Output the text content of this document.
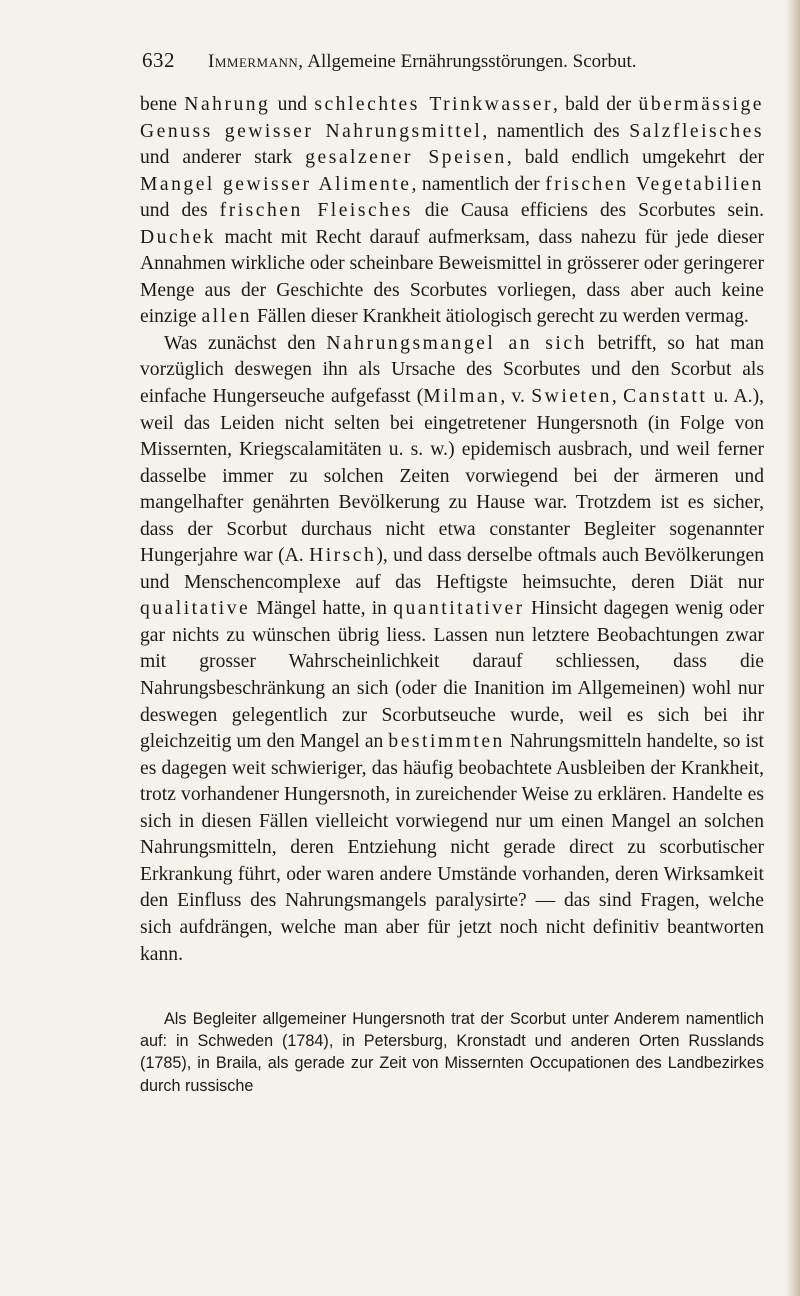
632 Immermann, Allgemeine Ernährungsstörungen. Scorbut.

bene Nahrung und schlechtes Trinkwasser, bald der übermässige Genuss gewisser Nahrungsmittel, namentlich des Salzfleisches und anderer stark gesalzener Speisen, bald endlich umgekehrt der Mangel gewisser Alimente, namentlich der frischen Vegetabilien und des frischen Fleisches die Causa efficiens des Scorbutes sein. Duchek macht mit Recht darauf aufmerksam, dass nahezu für jede dieser Annahmen wirkliche oder scheinbare Beweismittel in grösserer oder geringerer Menge aus der Geschichte des Scorbutes vorliegen, dass aber auch keine einzige allen Fällen dieser Krankheit ätiologisch gerecht zu werden vermag.

Was zunächst den Nahrungsmangel an sich betrifft, so hat man vorzüglich deswegen ihn als Ursache des Scorbutes und den Scorbut als einfache Hungerseuche aufgefasst (Milman, v. Swieten, Canstatt u. A.), weil das Leiden nicht selten bei eingetretener Hungersnoth (in Folge von Missernten, Kriegscalamitäten u. s. w.) epidemisch ausbrach, und weil ferner dasselbe immer zu solchen Zeiten vorwiegend bei der ärmeren und mangelhafter genährten Bevölkerung zu Hause war. Trotzdem ist es sicher, dass der Scorbut durchaus nicht etwa constanter Begleiter sogenannter Hungerjahre war (A. Hirsch), und dass derselbe oftmals auch Bevölkerungen und Menschencomplexe auf das Heftigste heimsuchte, deren Diät nur qualitative Mängel hatte, in quantitativer Hinsicht dagegen wenig oder gar nichts zu wünschen übrig liess. Lassen nun letztere Beobachtungen zwar mit grosser Wahrscheinlichkeit darauf schliessen, dass die Nahrungsbeschränkung an sich (oder die Inanition im Allgemeinen) wohl nur deswegen gelegentlich zur Scorbutseuche wurde, weil es sich bei ihr gleichzeitig um den Mangel an bestimmten Nahrungsmitteln handelte, so ist es dagegen weit schwieriger, das häufig beobachtete Ausbleiben der Krankheit, trotz vorhandener Hungersnoth, in zureichender Weise zu erklären. Handelte es sich in diesen Fällen vielleicht vorwiegend nur um einen Mangel an solchen Nahrungsmitteln, deren Entziehung nicht gerade direct zu scorbutischer Erkrankung führt, oder waren andere Umstände vorhanden, deren Wirksamkeit den Einfluss des Nahrungsmangels paralysirte? — das sind Fragen, welche sich aufdrängen, welche man aber für jetzt noch nicht definitiv beantworten kann.

Als Begleiter allgemeiner Hungersnoth trat der Scorbut unter Anderem namentlich auf: in Schweden (1784), in Petersburg, Kronstadt und anderen Orten Russlands (1785), in Braila, als gerade zur Zeit von Missernten Occupationen des Landbezirkes durch russische
